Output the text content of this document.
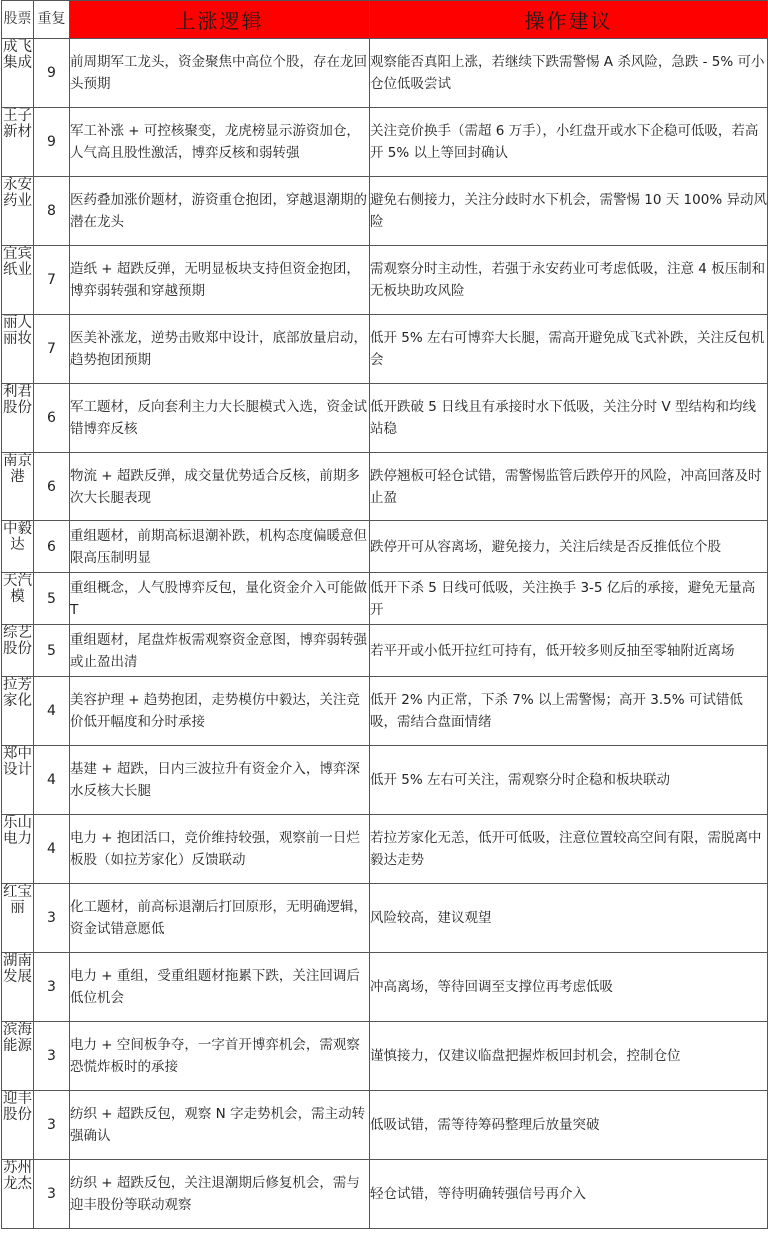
股票	重复	上涨逻辑	操作建议
成飞集成	9	前周期军工龙头，资金聚焦中高位个股，存在龙回头预期	观察能否真阳上涨，若继续下跌需警惕 A 杀风险，急跌 - 5% 可小仓位低吸尝试
王子新材	9	军工补涨 + 可控核聚变，龙虎榜显示游资加仓，人气高且股性激活，博弈反核和弱转强	关注竞价换手（需超 6 万手），小红盘开或水下企稳可低吸，若高开 5% 以上等回封确认
永安药业	8	医药叠加涨价题材，游资重仓抱团，穿越退潮期的潜在龙头	避免右侧接力，关注分歧时水下机会，需警惕 10 天 100% 异动风险
宜宾纸业	7	造纸 + 超跌反弹，无明显板块支持但资金抱团，博弈弱转强和穿越预期	需观察分时主动性，若强于永安药业可考虑低吸，注意 4 板压制和无板块助攻风险
丽人丽妆	7	医美补涨龙，逆势击败郑中设计，底部放量启动，趋势抱团预期	低开 5% 左右可博弈大长腿，需高开避免成飞式补跌，关注反包机会
利君股份	6	军工题材，反向套利主力大长腿模式入选，资金试错博弈反核	低开跌破 5 日线且有承接时水下低吸，关注分时 V 型结构和均线站稳
南京港	6	物流 + 超跌反弹，成交量优势适合反核，前期多次大长腿表现	跌停翘板可轻仓试错，需警惕监管后跌停开的风险，冲高回落及时止盈
中毅达	6	重组题材，前期高标退潮补跌，机构态度偏暖意但限高压制明显	跌停开可从容离场，避免接力，关注后续是否反推低位个股
天汽模	5	重组概念，人气股博弈反包，量化资金介入可能做 T	低开下杀 5 日线可低吸，关注换手 3-5 亿后的承接，避免无量高开
综艺股份	5	重组题材，尾盘炸板需观察资金意图，博弈弱转强或止盈出清	若平开或小低开拉红可持有，低开较多则反抽至零轴附近离场
拉芳家化	4	美容护理 + 趋势抱团，走势模仿中毅达，关注竞价低开幅度和分时承接	低开 2% 内正常，下杀 7% 以上需警惕；高开 3.5% 可试错低吸，需结合盘面情绪
郑中设计	4	基建 + 超跌，日内三波拉升有资金介入，博弈深水反核大长腿	低开 5% 左右可关注，需观察分时企稳和板块联动
乐山电力	4	电力 + 抱团活口，竞价维持较强，观察前一日烂板股（如拉芳家化）反馈联动	若拉芳家化无恙，低开可低吸，注意位置较高空间有限，需脱离中毅达走势
红宝丽	3	化工题材，前高标退潮后打回原形，无明确逻辑，资金试错意愿低	风险较高，建议观望
湖南发展	3	电力 + 重组，受重组题材拖累下跌，关注回调后低位机会	冲高离场，等待回调至支撑位再考虑低吸
滨海能源	3	电力 + 空间板争夺，一字首开博弈机会，需观察恐慌炸板时的承接	谨慎接力，仅建议临盘把握炸板回封机会，控制仓位
迎丰股份	3	纺织 + 超跌反包，观察 N 字走势机会，需主动转强确认	低吸试错，需等待筹码整理后放量突破
苏州龙杰	3	纺织 + 超跌反包，关注退潮期后修复机会，需与迎丰股份等联动观察	轻仓试错，等待明确转强信号再介入
